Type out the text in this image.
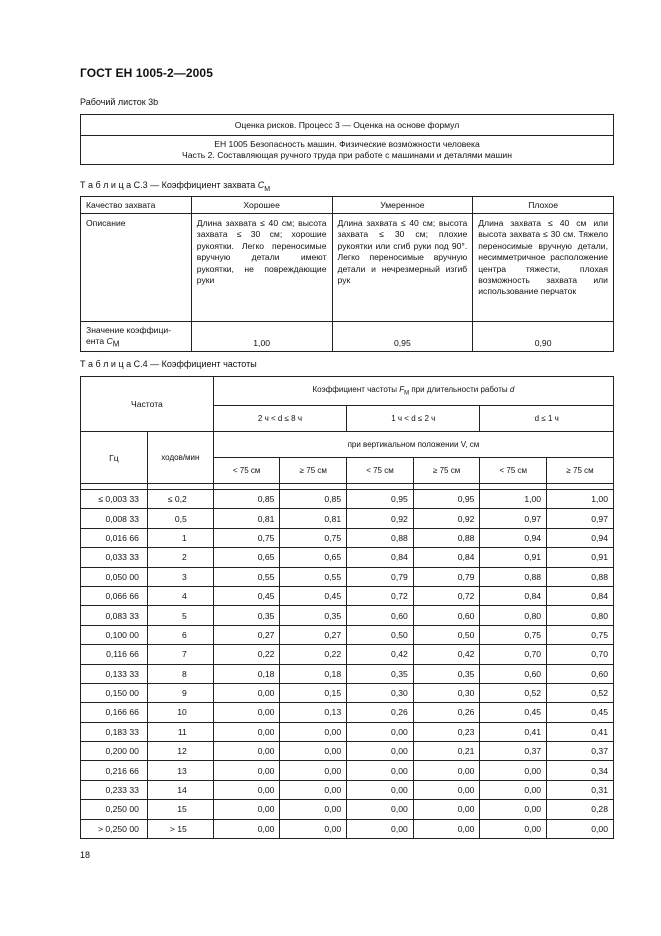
ГОСТ ЕН 1005-2—2005
Рабочий листок 3b
Оценка рисков. Процесс 3 — Оценка на основе формул
ЕН 1005 Безопасность машин. Физические возможности человека
Часть 2. Составляющая ручного труда при работе с машинами и деталями машин
Т а б л и ц а С.3 — Коэффициент захвата $C_M$
Качество захвата	Хорошее	Умеренное	Плохое
Описание	Длина захвата ≤ 40 см; высота захвата ≤ 30 см; хорошие рукоятки. Легко переносимые вручную детали имеют рукоятки, не повреждающие руки	Длина захвата ≤ 40 см; высота захвата ≤ 30 см; плохие рукоятки или сгиб руки под 90°. Легко переносимые вручную детали и нечрезмерный изгиб рук	Длина захвата ≤ 40 см или высота захвата ≤ 30 см. Тяжело переносимые вручную детали, несимметричное расположение центра тяжести, плохая возможность захвата или использование перчаток
Значение коэффици-
ента $C_M$	1,00	0,95	0,90
Т а б л и ц а С.4 — Коэффициент частоты
Частота		Коэффициент частоты $F_M$ при длительности работы d					
		2 ч < d ≤ 8 ч		1 ч < d ≤ 2 ч		d ≤ 1 ч	
Гц	ходов/мин	при вертикальном положении V, см					
		< 75 см	≥ 75 см	< 75 см	≥ 75 см	< 75 см	≥ 75 см

≤ 0,003 33	≤ 0,2	0,85	0,85	0,95	0,95	1,00	1,00
0,008 33	0,5	0,81	0,81	0,92	0,92	0,97	0,97
0,016 66	1	0,75	0,75	0,88	0,88	0,94	0,94
0,033 33	2	0,65	0,65	0,84	0,84	0,91	0,91
0,050 00	3	0,55	0,55	0,79	0,79	0,88	0,88
0,066 66	4	0,45	0,45	0,72	0,72	0,84	0,84
0,083 33	5	0,35	0,35	0,60	0,60	0,80	0,80
0,100 00	6	0,27	0,27	0,50	0,50	0,75	0,75
0,116 66	7	0,22	0,22	0,42	0,42	0,70	0,70
0,133 33	8	0,18	0,18	0,35	0,35	0,60	0,60
0,150 00	9	0,00	0,15	0,30	0,30	0,52	0,52
0,166 66	10	0,00	0,13	0,26	0,26	0,45	0,45
0,183 33	11	0,00	0,00	0,00	0,23	0,41	0,41
0,200 00	12	0,00	0,00	0,00	0,21	0,37	0,37
0,216 66	13	0,00	0,00	0,00	0,00	0,00	0,34
0,233 33	14	0,00	0,00	0,00	0,00	0,00	0,31
0,250 00	15	0,00	0,00	0,00	0,00	0,00	0,28
> 0,250 00	> 15	0,00	0,00	0,00	0,00	0,00	0,00
18
